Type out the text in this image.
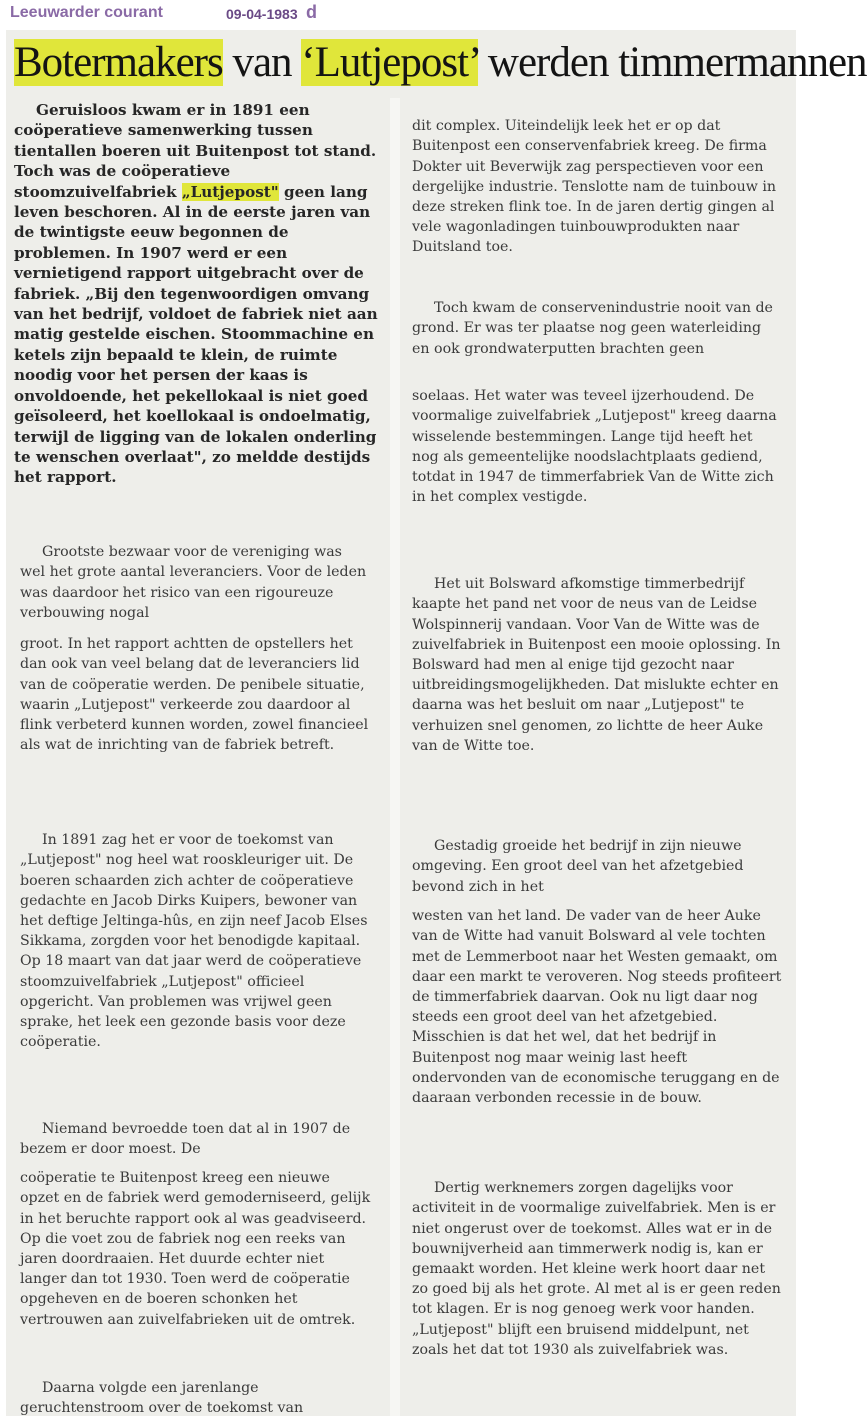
Leeuwarder courant	09-04-1983 d
Botermakers van ‘Lutjepost’ werden timmermannen
Geruisloos kwam er in 1891 een coöperatieve samenwerking tussen tientallen boeren uit Buitenpost tot stand. Toch was de coöperatieve stoomzuivelfabriek „Lutjepost" geen lang leven beschoren. Al in de eerste jaren van de twintigste eeuw begonnen de problemen. In 1907 werd er een vernietigend rapport uitgebracht over de fabriek. „Bij den tegenwoordigen omvang van het bedrijf, voldoet de fabriek niet aan matig gestelde eischen. Stoommachine en ketels zijn bepaald te klein, de ruimte noodig voor het persen der kaas is onvoldoende, het pekellokaal is niet goed geïsoleerd, het koellokaal is ondoelmatig, terwijl de ligging van de lokalen onderling te wenschen overlaat", zo meldde destijds het rapport.

Grootste bezwaar voor de vereniging was wel het grote aantal leveranciers. Voor de leden was daardoor het risico van een rigoureuze verbouwing nogal

groot. In het rapport achtten de opstellers het dan ook van veel belang dat de leveranciers lid van de coöperatie werden. De penibele situatie, waarin „Lutjepost" verkeerde zou daardoor al flink verbeterd kunnen worden, zowel financieel als wat de inrichting van de fabriek betreft.

In 1891 zag het er voor de toekomst van „Lutjepost" nog heel wat rooskleuriger uit. De boeren schaarden zich achter de coöperatieve gedachte en Jacob Dirks Kuipers, bewoner van het deftige Jeltinga-hûs, en zijn neef Jacob Elses Sikkama, zorgden voor het benodigde kapitaal. Op 18 maart van dat jaar werd de coöperatieve stoomzuivelfabriek „Lutjepost" officieel opgericht. Van problemen was vrijwel geen sprake, het leek een gezonde basis voor deze coöperatie.

Niemand bevroedde toen dat al in 1907 de bezem er door moest. De

coöperatie te Buitenpost kreeg een nieuwe opzet en de fabriek werd gemoderniseerd, gelijk in het beruchte rapport ook al was geadviseerd. Op die voet zou de fabriek nog een reeks van jaren doordraaien. Het duurde echter niet langer dan tot 1930. Toen werd de coöperatie opgeheven en de boeren schonken het vertrouwen aan zuivelfabrieken uit de omtrek.

Daarna volgde een jarenlange geruchtenstroom over de toekomst van

dit complex. Uiteindelijk leek het er op dat Buitenpost een conservenfabriek kreeg. De firma Dokter uit Beverwijk zag perspectieven voor een dergelijke industrie. Tenslotte nam de tuinbouw in deze streken flink toe. In de jaren dertig gingen al vele wagonladingen tuinbouwprodukten naar Duitsland toe.

Toch kwam de conservenindustrie nooit van de grond. Er was ter plaatse nog geen waterleiding en ook grondwaterputten brachten geen

soelaas. Het water was teveel ijzerhoudend. De voormalige zuivelfabriek „Lutjepost" kreeg daarna wisselende bestemmingen. Lange tijd heeft het nog als gemeentelijke noodslachtplaats gediend, totdat in 1947 de timmerfabriek Van de Witte zich in het complex vestigde.

Het uit Bolsward afkomstige timmerbedrijf kaapte het pand net voor de neus van de Leidse Wolspinnerij vandaan. Voor Van de Witte was de zuivelfabriek in Buitenpost een mooie oplossing. In Bolsward had men al enige tijd gezocht naar uitbreidingsmogelijkheden. Dat mislukte echter en daarna was het besluit om naar „Lutjepost" te verhuizen snel genomen, zo lichtte de heer Auke van de Witte toe.

Gestadig groeide het bedrijf in zijn nieuwe omgeving. Een groot deel van het afzetgebied bevond zich in het

westen van het land. De vader van de heer Auke van de Witte had vanuit Bolsward al vele tochten met de Lemmerboot naar het Westen gemaakt, om daar een markt te veroveren. Nog steeds profiteert de timmerfabriek daarvan. Ook nu ligt daar nog steeds een groot deel van het afzetgebied. Misschien is dat het wel, dat het bedrijf in Buitenpost nog maar weinig last heeft ondervonden van de economische teruggang en de daaraan verbonden recessie in de bouw.

Dertig werknemers zorgen dagelijks voor activiteit in de voormalige zuivelfabriek. Men is er niet ongerust over de toekomst. Alles wat er in de bouwnijverheid aan timmerwerk nodig is, kan er gemaakt worden. Het kleine werk hoort daar net zo goed bij als het grote. Al met al is er geen reden tot klagen. Er is nog genoeg werk voor handen. „Lutjepost" blijft een bruisend middelpunt, net zoals het dat tot 1930 als zuivelfabriek was.
